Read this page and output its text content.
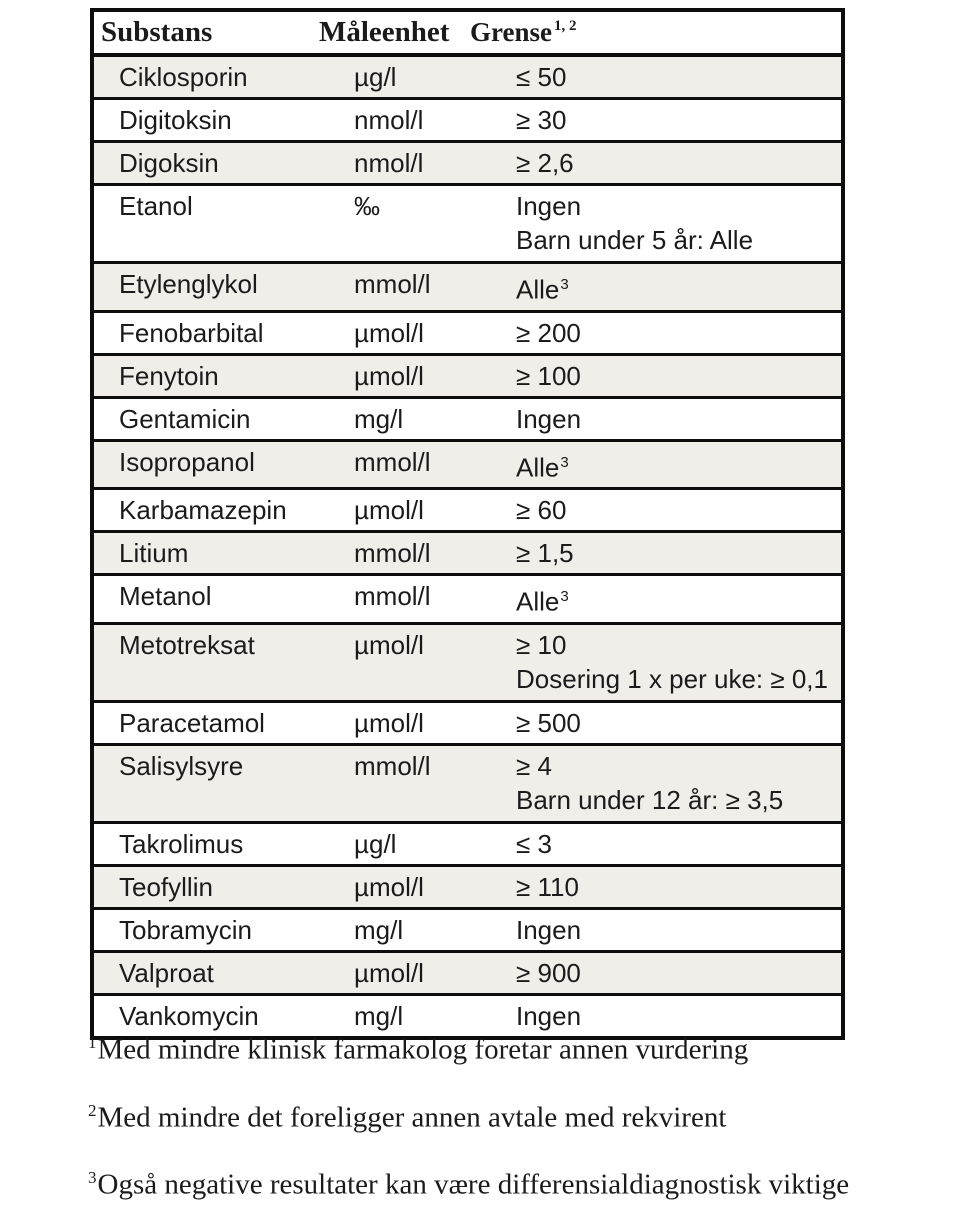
Substans	Måleenhet	Grense $^{1, 2}$
Ciklosporin	µg/l	≤ 50
Digitoksin	nmol/l	≥ 30
Digoksin	nmol/l	≥ 2,6
Etanol	‰	Ingen
Barn under 5 år: Alle

Etylenglykol	mmol/l	Alle$^3$
Fenobarbital	µmol/l	≥ 200
Fenytoin	µmol/l	≥ 100
Gentamicin	mg/l	Ingen
Isopropanol	mmol/l	Alle$^3$
Karbamazepin	µmol/l	≥ 60
Litium	mmol/l	≥ 1,5
Metanol	mmol/l	Alle$^3$
Metotreksat	µmol/l	≥ 10
Dosering 1 x per uke: ≥ 0,1

Paracetamol	µmol/l	≥ 500
Salisylsyre	mmol/l	≥ 4
Barn under 12 år: ≥ 3,5

Takrolimus	µg/l	≤ 3
Teofyllin	µmol/l	≥ 110
Tobramycin	mg/l	Ingen
Valproat	µmol/l	≥ 900
Vankomycin	mg/l	Ingen

$^1$Med mindre klinisk farmakolog foretar annen vurdering

$^2$Med mindre det foreligger annen avtale med rekvirent

$^3$Også negative resultater kan være differensialdiagnostisk viktige
